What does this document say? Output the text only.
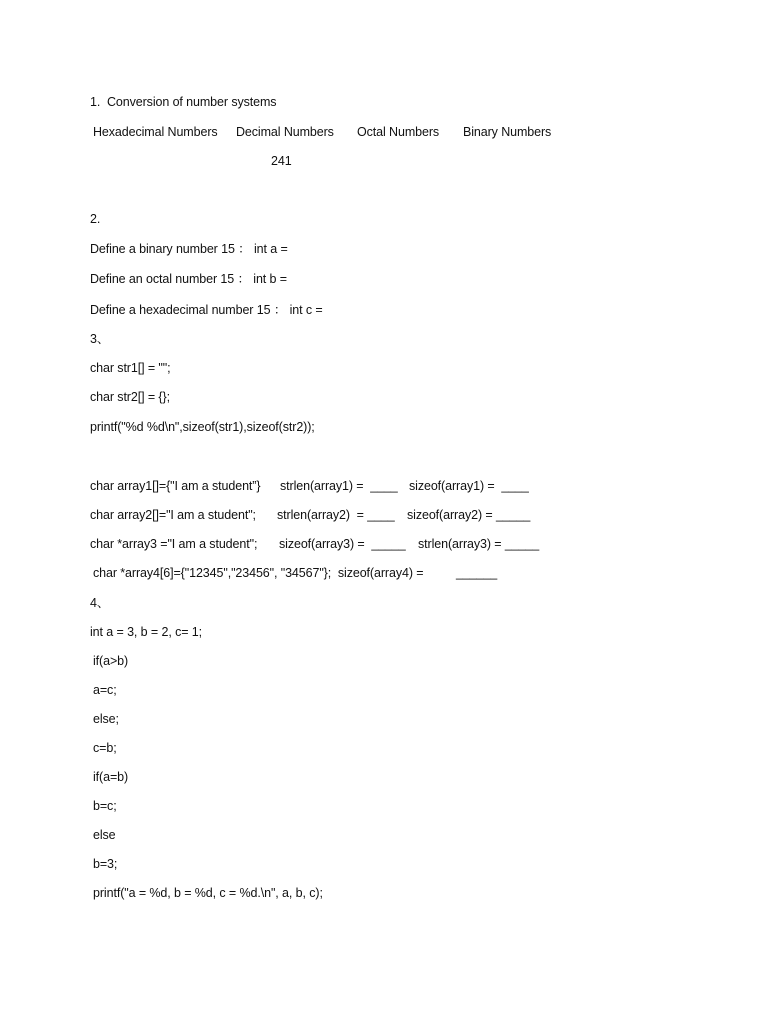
1.  Conversion of number systems
Hexadecimal Numbers Decimal Numbers Octal Numbers Binary Numbers
241
2.
Define a binary number 15 ： int a =
Define an octal number 15 ： int b =
Define a hexadecimal number 15 ： int c =
3、
char str1[] = "";
char str2[] = {};
printf("%d %d\n",sizeof(str1),sizeof(str2));
char array1[]={"I am a student”} strlen(array1) =  ____ sizeof(array1) =  ____
char array2[]="I am a student"; strlen(array2)  = ____ sizeof(array2) = _____
char *array3 ="I am a student"; sizeof(array3) =  _____ strlen(array3) = _____
char *array4[6]={"12345","23456", "34567"};  sizeof(array4) =	______
4、
int a = 3, b = 2, c= 1;
if(a>b)
a=c;
else;
c=b;
if(a=b)
b=c;
else
b=3;
printf("a = %d, b = %d, c = %d.\n", a, b, c);
